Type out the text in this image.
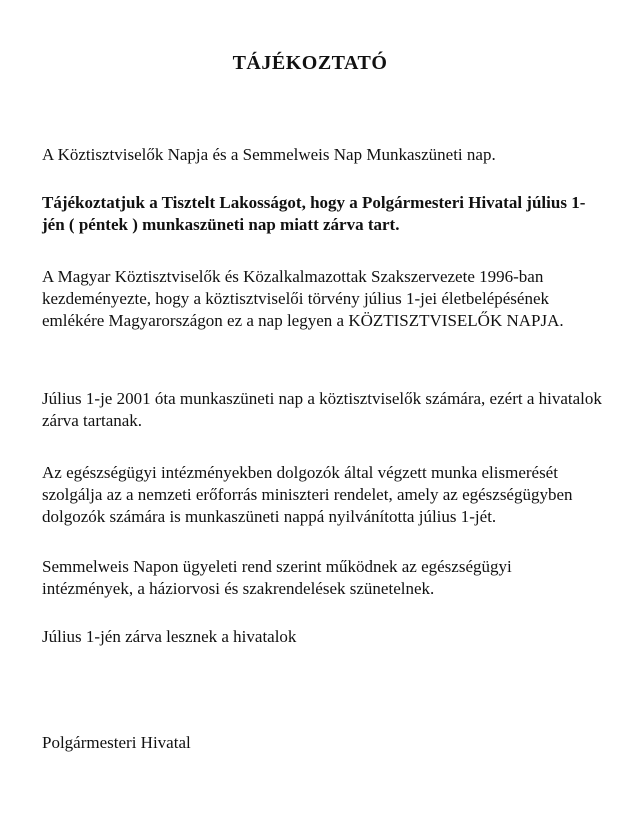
TÁJÉKOZTATÓ

A Köztisztviselők Napja és a Semmelweis Nap Munkaszüneti nap.

Tájékoztatjuk a Tisztelt Lakosságot, hogy a Polgármesteri Hivatal július 1-jén ( péntek ) munkaszüneti nap miatt zárva tart.

A Magyar Köztisztviselők és Közalkalmazottak Szakszervezete 1996-ban kezdeményezte, hogy a köztisztviselői törvény július 1-jei életbelépésének emlékére Magyarországon ez a nap legyen a KÖZTISZTVISELŐK NAPJA.

Július 1-je 2001 óta munkaszüneti nap a köztisztviselők számára, ezért a hivatalok zárva tartanak.

Az egészségügyi intézményekben dolgozók által végzett munka elismerését szolgálja az a nemzeti erőforrás miniszteri rendelet, amely az egészségügyben dolgozók számára is munkaszüneti nappá nyilvánította július 1-jét.

Semmelweis Napon ügyeleti rend szerint működnek az egészségügyi intézmények, a háziorvosi és szakrendelések szünetelnek.

Július 1-jén zárva lesznek a hivatalok

Polgármesteri Hivatal
